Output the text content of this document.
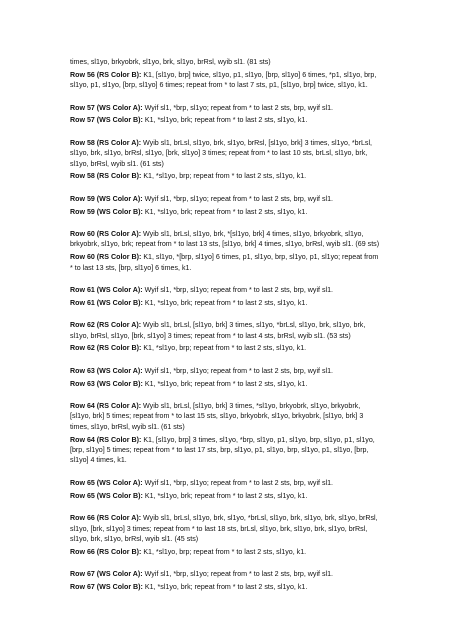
times, sl1yo, brkyobrk, sl1yo, brk, sl1yo, brRsl, wyib sl1. (81 sts)

Row 56 (RS Color B): K1, [sl1yo, brp] twice, sl1yo, p1, sl1yo, [brp, sl1yo] 6 times, *p1, sl1yo, brp, sl1yo, p1, sl1yo, [brp, sl1yo] 6 times; repeat from * to last 7 sts, p1, [sl1yo, brp] twice, sl1yo, k1.

Row 57 (WS Color A): Wyif sl1, *brp, sl1yo; repeat from * to last 2 sts, brp, wyif sl1.

Row 57 (WS Color B): K1, *sl1yo, brk; repeat from * to last 2 sts, sl1yo, k1.

Row 58 (RS Color A): Wyib sl1, brLsl, sl1yo, brk, sl1yo, brRsl, [sl1yo, brk] 3 times, sl1yo, *brLsl, sl1yo, brk, sl1yo, brRsl, sl1yo, [brk, sl1yo] 3 times; repeat from * to last 10 sts, brLsl, sl1yo, brk, sl1yo, brRsl, wyib sl1. (61 sts)

Row 58 (RS Color B): K1, *sl1yo, brp; repeat from * to last 2 sts, sl1yo, k1.

Row 59 (WS Color A): Wyif sl1, *brp, sl1yo; repeat from * to last 2 sts, brp, wyif sl1.

Row 59 (WS Color B): K1, *sl1yo, brk; repeat from * to last 2 sts, sl1yo, k1.

Row 60 (RS Color A): Wyib sl1, brLsl, sl1yo, brk, *[sl1yo, brk] 4 times, sl1yo, brkyobrk, sl1yo, brkyobrk, sl1yo, brk; repeat from * to last 13 sts, [sl1yo, brk] 4 times, sl1yo, brRsl, wyib sl1. (69 sts)

Row 60 (RS Color B): K1, sl1yo, *[brp, sl1yo] 6 times, p1, sl1yo, brp, sl1yo, p1, sl1yo; repeat from * to last 13 sts, [brp, sl1yo] 6 times, k1.

Row 61 (WS Color A): Wyif sl1, *brp, sl1yo; repeat from * to last 2 sts, brp, wyif sl1.

Row 61 (WS Color B): K1, *sl1yo, brk; repeat from * to last 2 sts, sl1yo, k1.

Row 62 (RS Color A): Wyib sl1, brLsl, [sl1yo, brk] 3 times, sl1yo, *brLsl, sl1yo, brk, sl1yo, brk, sl1yo, brRsl, sl1yo, [brk, sl1yo] 3 times; repeat from * to last 4 sts, brRsl, wyib sl1. (53 sts)

Row 62 (RS Color B): K1, *sl1yo, brp; repeat from * to last 2 sts, sl1yo, k1.

Row 63 (WS Color A): Wyif sl1, *brp, sl1yo; repeat from * to last 2 sts, brp, wyif sl1.

Row 63 (WS Color B): K1, *sl1yo, brk; repeat from * to last 2 sts, sl1yo, k1.

Row 64 (RS Color A): Wyib sl1, brLsl, [sl1yo, brk] 3 times, *sl1yo, brkyobrk, sl1yo, brkyobrk, [sl1yo, brk] 5 times; repeat from * to last 15 sts, sl1yo, brkyobrk, sl1yo, brkyobrk, [sl1yo, brk] 3 times, sl1yo, brRsl, wyib sl1. (61 sts)

Row 64 (RS Color B): K1, [sl1yo, brp] 3 times, sl1yo, *brp, sl1yo, p1, sl1yo, brp, sl1yo, p1, sl1yo, [brp, sl1yo] 5 times; repeat from * to last 17 sts, brp, sl1yo, p1, sl1yo, brp, sl1yo, p1, sl1yo, [brp, sl1yo] 4 times, k1.

Row 65 (WS Color A): Wyif sl1, *brp, sl1yo; repeat from * to last 2 sts, brp, wyif sl1.

Row 65 (WS Color B): K1, *sl1yo, brk; repeat from * to last 2 sts, sl1yo, k1.

Row 66 (RS Color A): Wyib sl1, brLsl, sl1yo, brk, sl1yo, *brLsl, sl1yo, brk, sl1yo, brk, sl1yo, brRsl, sl1yo, [brk, sl1yo] 3 times; repeat from * to last 18 sts, brLsl, sl1yo, brk, sl1yo, brk, sl1yo, brRsl, sl1yo, brk, sl1yo, brRsl, wyib sl1. (45 sts)

Row 66 (RS Color B): K1, *sl1yo, brp; repeat from * to last 2 sts, sl1yo, k1.

Row 67 (WS Color A): Wyif sl1, *brp, sl1yo; repeat from * to last 2 sts, brp, wyif sl1.

Row 67 (WS Color B): K1, *sl1yo, brk; repeat from * to last 2 sts, sl1yo, k1.
